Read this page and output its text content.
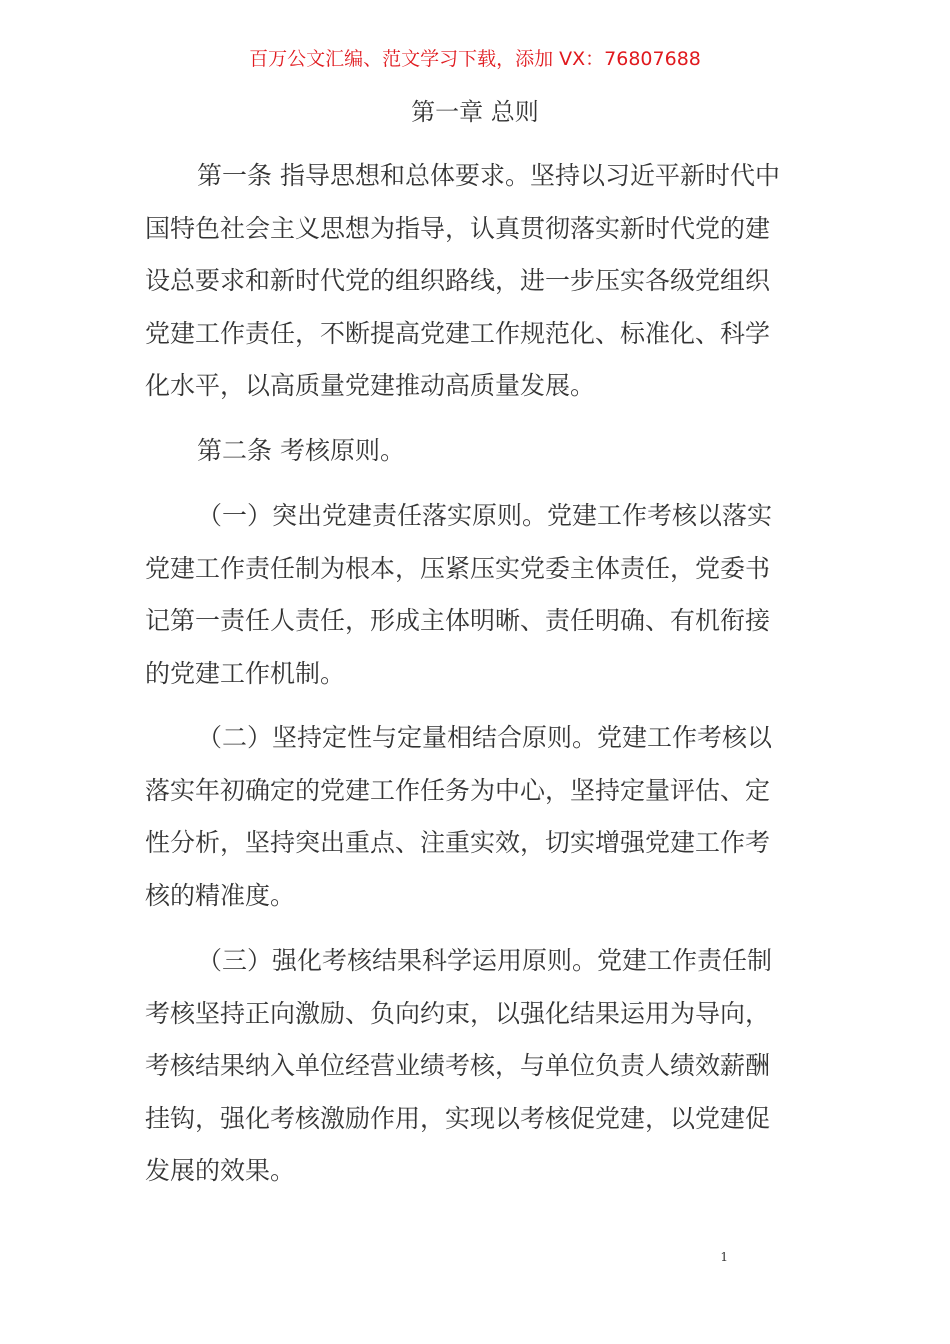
百万公文汇编、范文学习下载，添加 VX：76807688
第一章 总则
第一条 指导思想和总体要求。坚持以习近平新时代中
国特色社会主义思想为指导，认真贯彻落实新时代党的建
设总要求和新时代党的组织路线，进一步压实各级党组织
党建工作责任，不断提高党建工作规范化、标准化、科学
化水平，以高质量党建推动高质量发展。
第二条 考核原则。
（一）突出党建责任落实原则。党建工作考核以落实
党建工作责任制为根本，压紧压实党委主体责任，党委书
记第一责任人责任，形成主体明晰、责任明确、有机衔接
的党建工作机制。
（二）坚持定性与定量相结合原则。党建工作考核以
落实年初确定的党建工作任务为中心，坚持定量评估、定
性分析，坚持突出重点、注重实效，切实增强党建工作考
核的精准度。
（三）强化考核结果科学运用原则。党建工作责任制
考核坚持正向激励、负向约束，以强化结果运用为导向，
考核结果纳入单位经营业绩考核，与单位负责人绩效薪酬
挂钩，强化考核激励作用，实现以考核促党建，以党建促
发展的效果。
1
